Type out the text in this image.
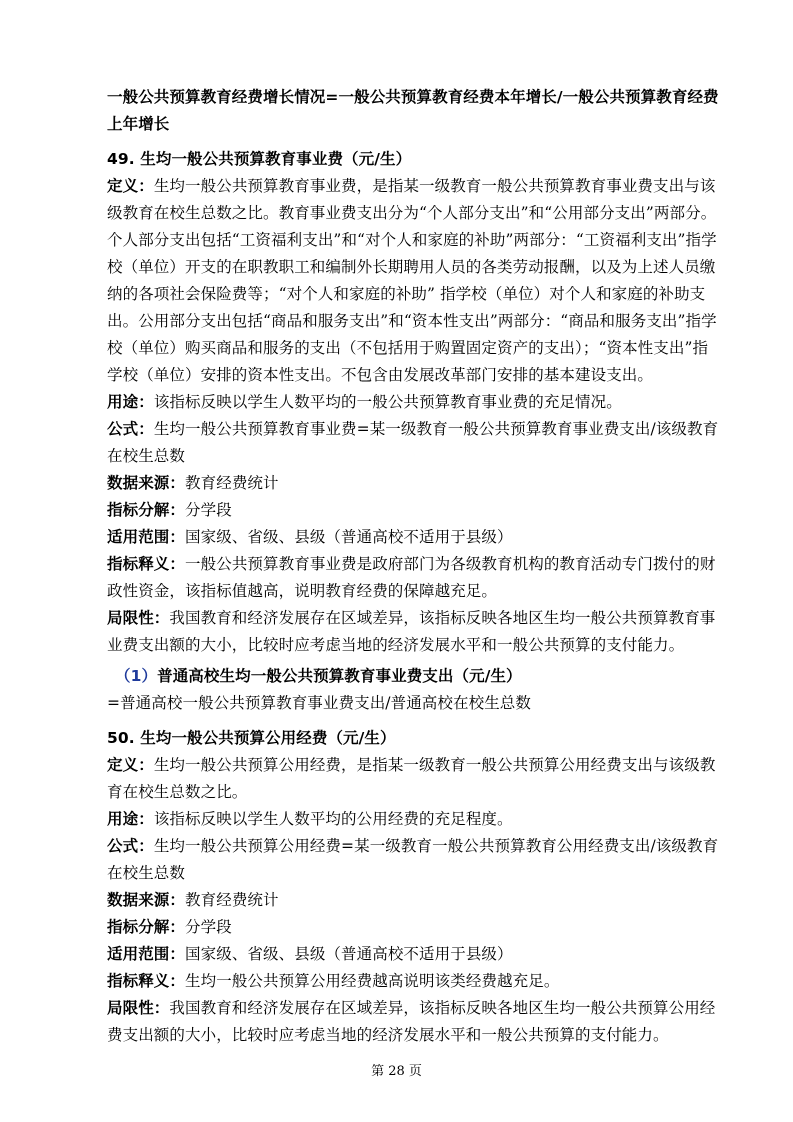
一般公共预算教育经费增长情况=一般公共预算教育经费本年增长/一般公共预算教育经费上年增长

49. 生均一般公共预算教育事业费（元/生）

定义：生均一般公共预算教育事业费，是指某一级教育一般公共预算教育事业费支出与该级教育在校生总数之比。教育事业费支出分为“个人部分支出”和“公用部分支出”两部分。个人部分支出包括“工资福利支出”和“对个人和家庭的补助”两部分：“工资福利支出”指学校（单位）开支的在职教职工和编制外长期聘用人员的各类劳动报酬，以及为上述人员缴纳的各项社会保险费等；“对个人和家庭的补助” 指学校（单位）对个人和家庭的补助支出。公用部分支出包括“商品和服务支出”和“资本性支出”两部分：“商品和服务支出”指学校（单位）购买商品和服务的支出（不包括用于购置固定资产的支出）；“资本性支出”指学校（单位）安排的资本性支出。不包含由发展改革部门安排的基本建设支出。

用途：该指标反映以学生人数平均的一般公共预算教育事业费的充足情况。

公式：生均一般公共预算教育事业费=某一级教育一般公共预算教育事业费支出/该级教育在校生总数

数据来源：教育经费统计

指标分解：分学段

适用范围：国家级、省级、县级（普通高校不适用于县级）

指标释义：一般公共预算教育事业费是政府部门为各级教育机构的教育活动专门拨付的财政性资金，该指标值越高，说明教育经费的保障越充足。

局限性：我国教育和经济发展存在区域差异，该指标反映各地区生均一般公共预算教育事业费支出额的大小，比较时应考虑当地的经济发展水平和一般公共预算的支付能力。

（1）普通高校生均一般公共预算教育事业费支出（元/生）

=普通高校一般公共预算教育事业费支出/普通高校在校生总数

50. 生均一般公共预算公用经费（元/生）

定义：生均一般公共预算公用经费，是指某一级教育一般公共预算公用经费支出与该级教育在校生总数之比。

用途：该指标反映以学生人数平均的公用经费的充足程度。

公式：生均一般公共预算公用经费=某一级教育一般公共预算教育公用经费支出/该级教育在校生总数

数据来源：教育经费统计

指标分解：分学段

适用范围：国家级、省级、县级（普通高校不适用于县级）

指标释义：生均一般公共预算公用经费越高说明该类经费越充足。

局限性：我国教育和经济发展存在区域差异，该指标反映各地区生均一般公共预算公用经费支出额的大小，比较时应考虑当地的经济发展水平和一般公共预算的支付能力。

第 28 页
